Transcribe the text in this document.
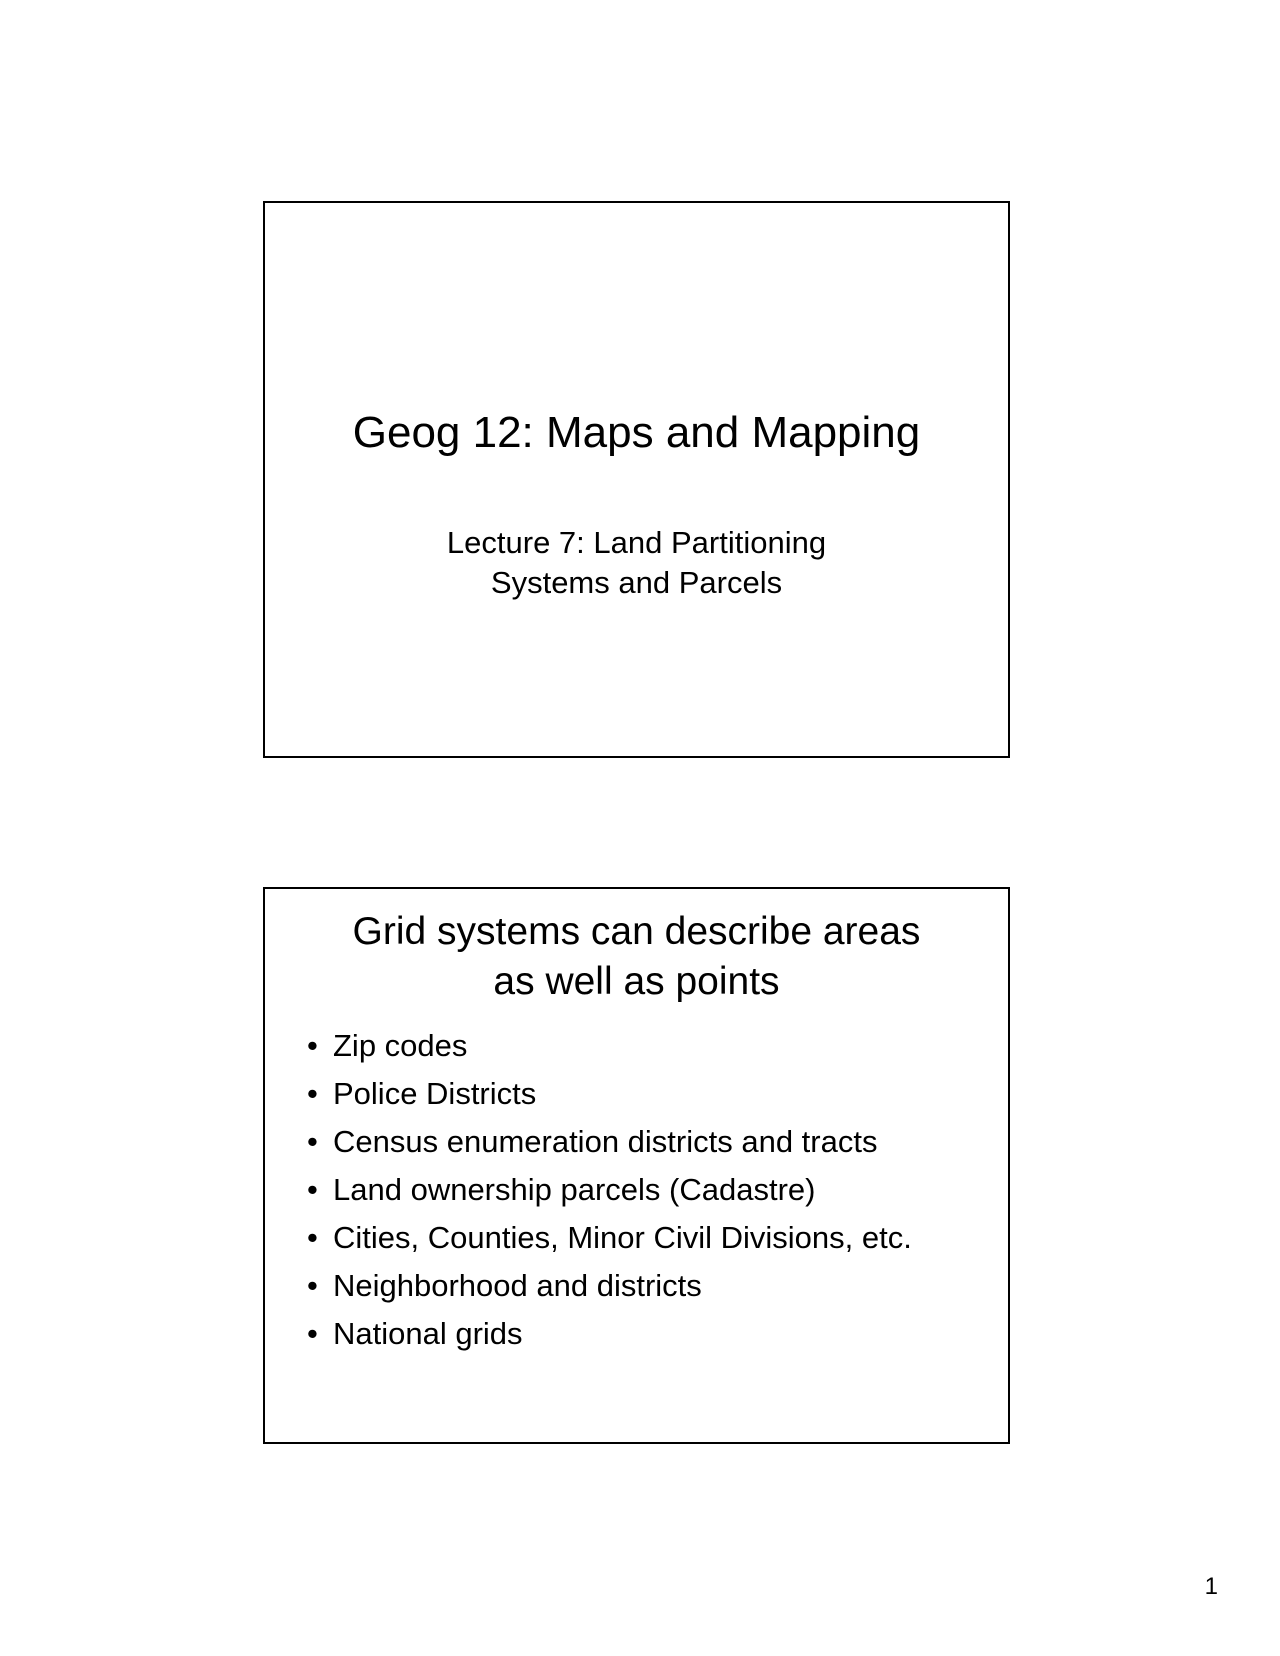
Geog 12: Maps and Mapping
Lecture 7: Land Partitioning
Systems and Parcels
Grid systems can describe areas
as well as points
• Zip codes
• Police Districts
• Census enumeration districts and tracts
• Land ownership parcels (Cadastre)
• Cities, Counties, Minor Civil Divisions, etc.
• Neighborhood and districts
• National grids
1
